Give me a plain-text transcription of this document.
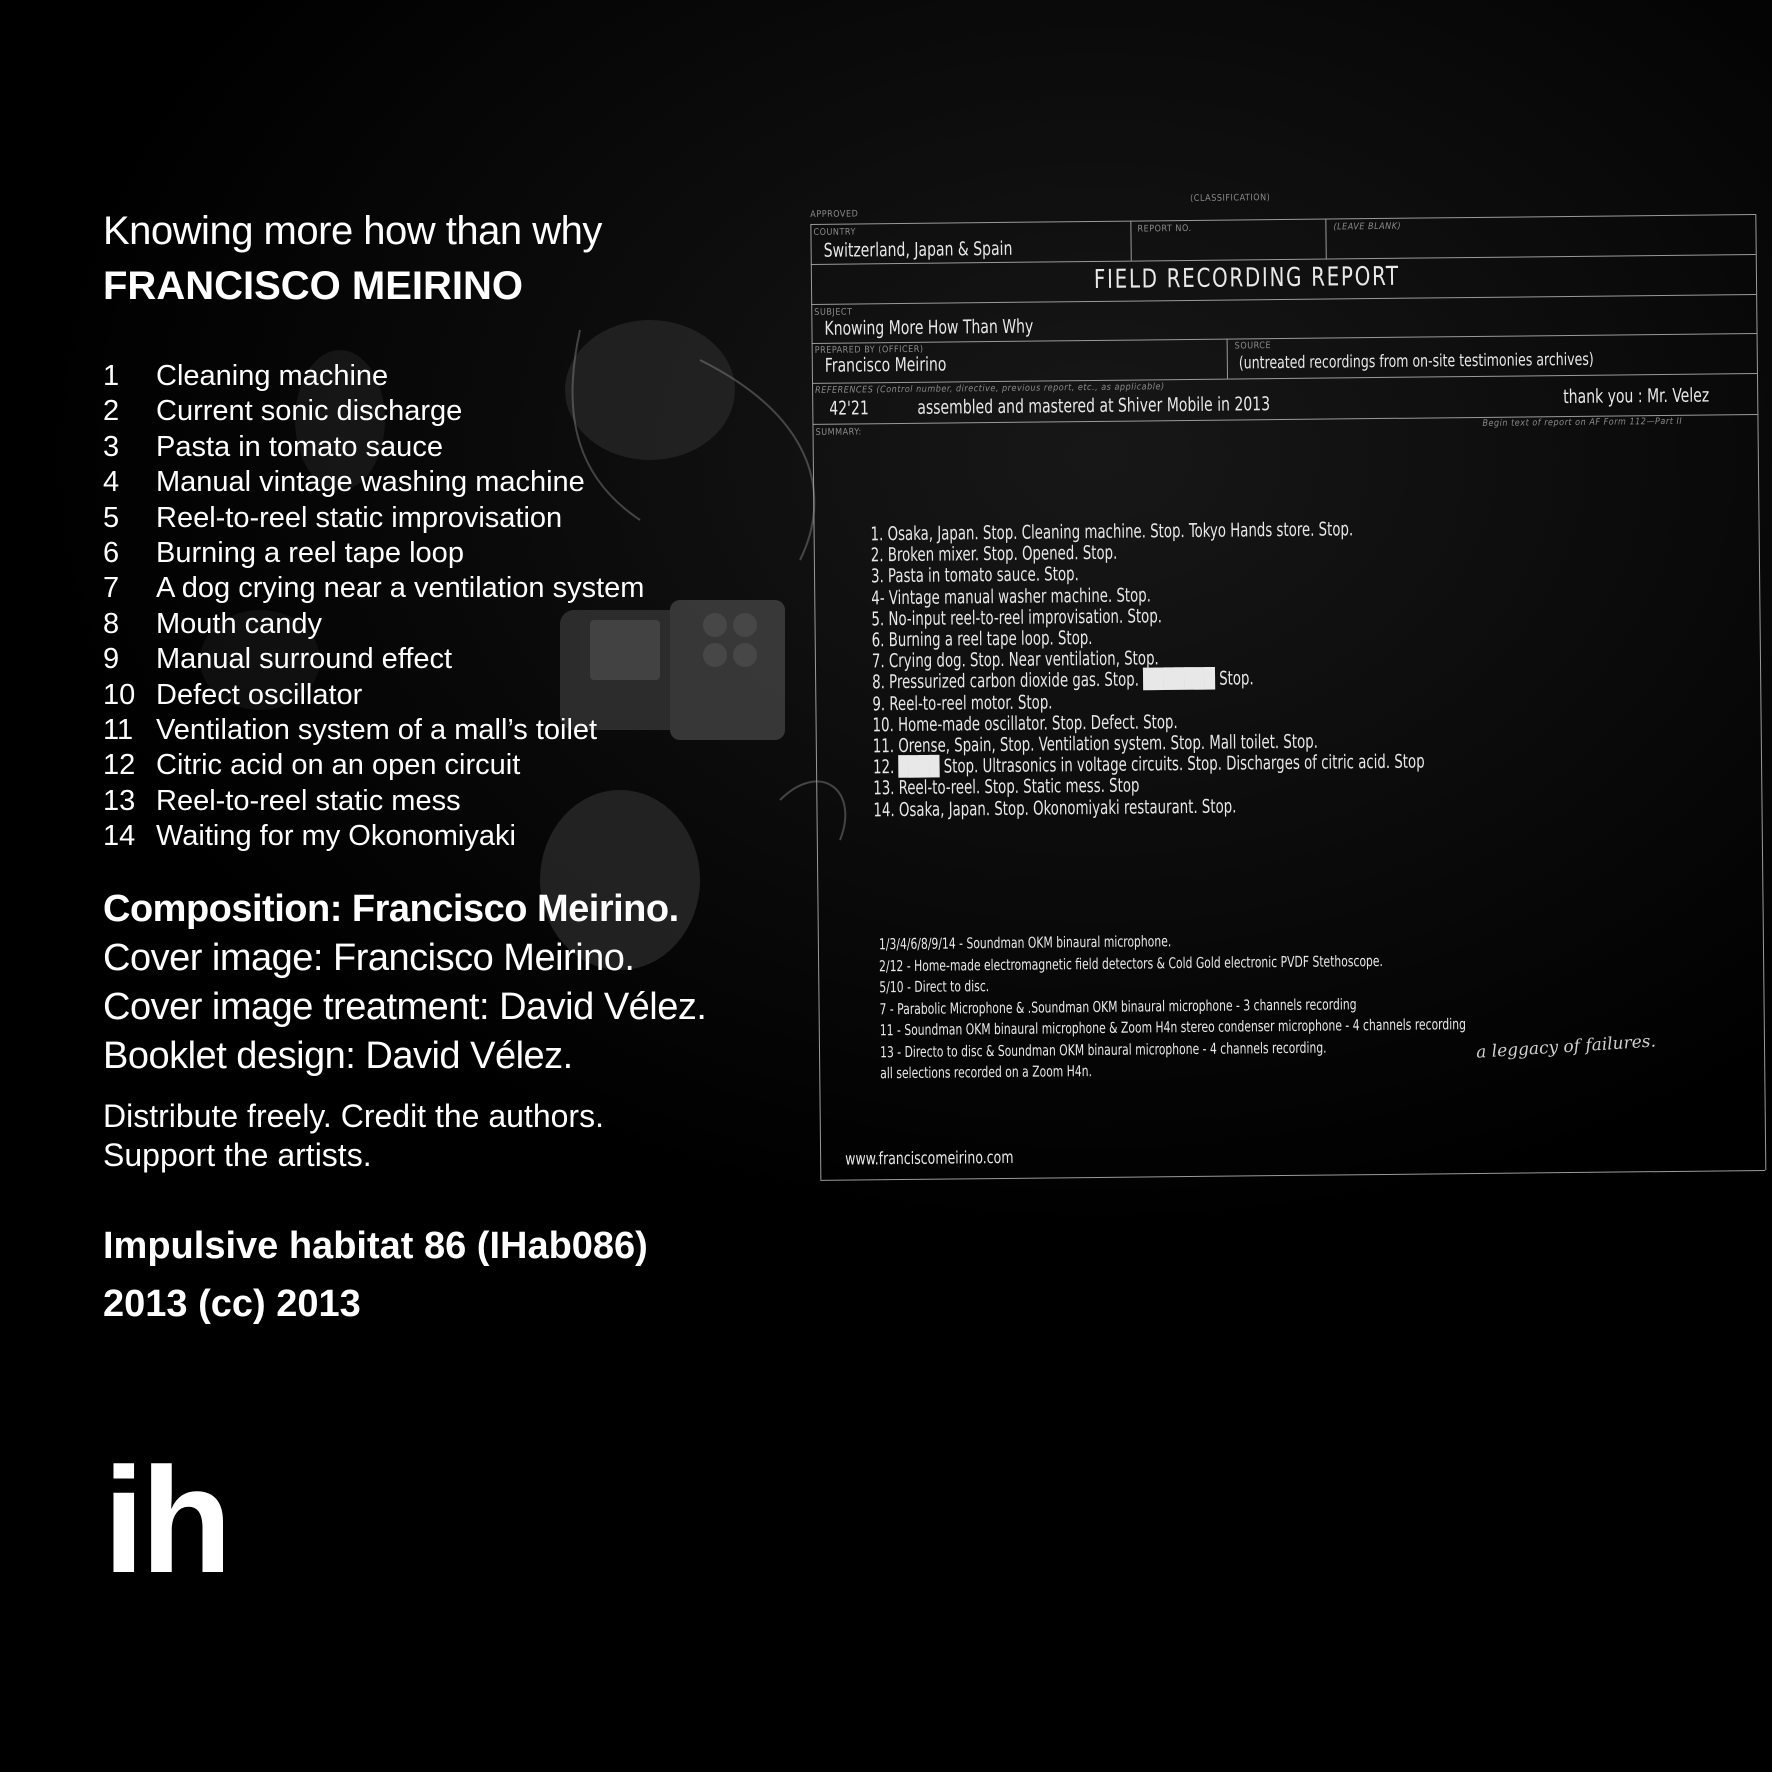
Knowing more how than why
FRANCISCO MEIRINO
1	Cleaning machine
2	Current sonic discharge
3	Pasta in tomato sauce
4	Manual vintage washing machine
5	Reel-to-reel static improvisation
6	Burning a reel tape loop
7	A dog crying near a ventilation system
8	Mouth candy
9	Manual surround effect
10 Defect oscillator
11 Ventilation system of a mall’s toilet
12 Citric acid on an open circuit
13 Reel-to-reel static mess
14 Waiting for my Okonomiyaki
Composition: Francisco Meirino.
Cover image: Francisco Meirino.
Cover image treatment: David Vélez.
Booklet design: David Vélez.
Distribute freely. Credit the authors.
Support the artists.
Impulsive habitat 86 (IHab086)
2013 (cc) 2013
ih
(CLASSIFICATION)
APPROVED
COUNTRY
Switzerland, Japan & Spain
REPORT NO.	(LEAVE BLANK)
FIELD RECORDING REPORT
SUBJECT
Knowing More How Than Why
PREPARED BY (OFFICER)
Francisco Meirino
SOURCE
(untreated recordings from on-site testimonies archives)
REFERENCES (Control number, directive, previous report, etc., as applicable)
42'21	assembled and mastered at Shiver Mobile in 2013	thank you : Mr. Velez
SUMMARY:
Begin text of report on AF Form 112—Part II
1. Osaka, Japan. Stop. Cleaning machine. Stop. Tokyo Hands store. Stop.
2. Broken mixer. Stop. Opened. Stop.
3. Pasta in tomato sauce. Stop.
4- Vintage manual washer machine. Stop.
5. No-input reel-to-reel improvisation. Stop.
6. Burning a reel tape loop. Stop.
7. Crying dog. Stop. Near ventilation, Stop.
8. Pressurized carbon dioxide gas. Stop. ███████ Stop.
9. Reel-to-reel motor. Stop.
10. Home-made oscillator. Stop. Defect. Stop.
11. Orense, Spain, Stop. Ventilation system. Stop. Mall toilet. Stop.
12. ████ Stop. Ultrasonics in voltage circuits. Stop. Discharges of citric acid. Stop
13. Reel-to-reel. Stop. Static mess. Stop
14. Osaka, Japan. Stop. Okonomiyaki restaurant. Stop.
1/3/4/6/8/9/14 - Soundman OKM binaural microphone.
2/12 - Home-made electromagnetic field detectors & Cold Gold electronic PVDF Stethoscope.
5/10 - Direct to disc.
7 - Parabolic Microphone & .Soundman OKM binaural microphone - 3 channels recording
11 - Soundman OKM binaural microphone & Zoom H4n stereo condenser microphone - 4 channels recording
13 - Directo to disc & Soundman OKM binaural microphone - 4 channels recording.
all selections recorded on a Zoom H4n.
a leggacy of failures.
www.franciscomeirino.com
